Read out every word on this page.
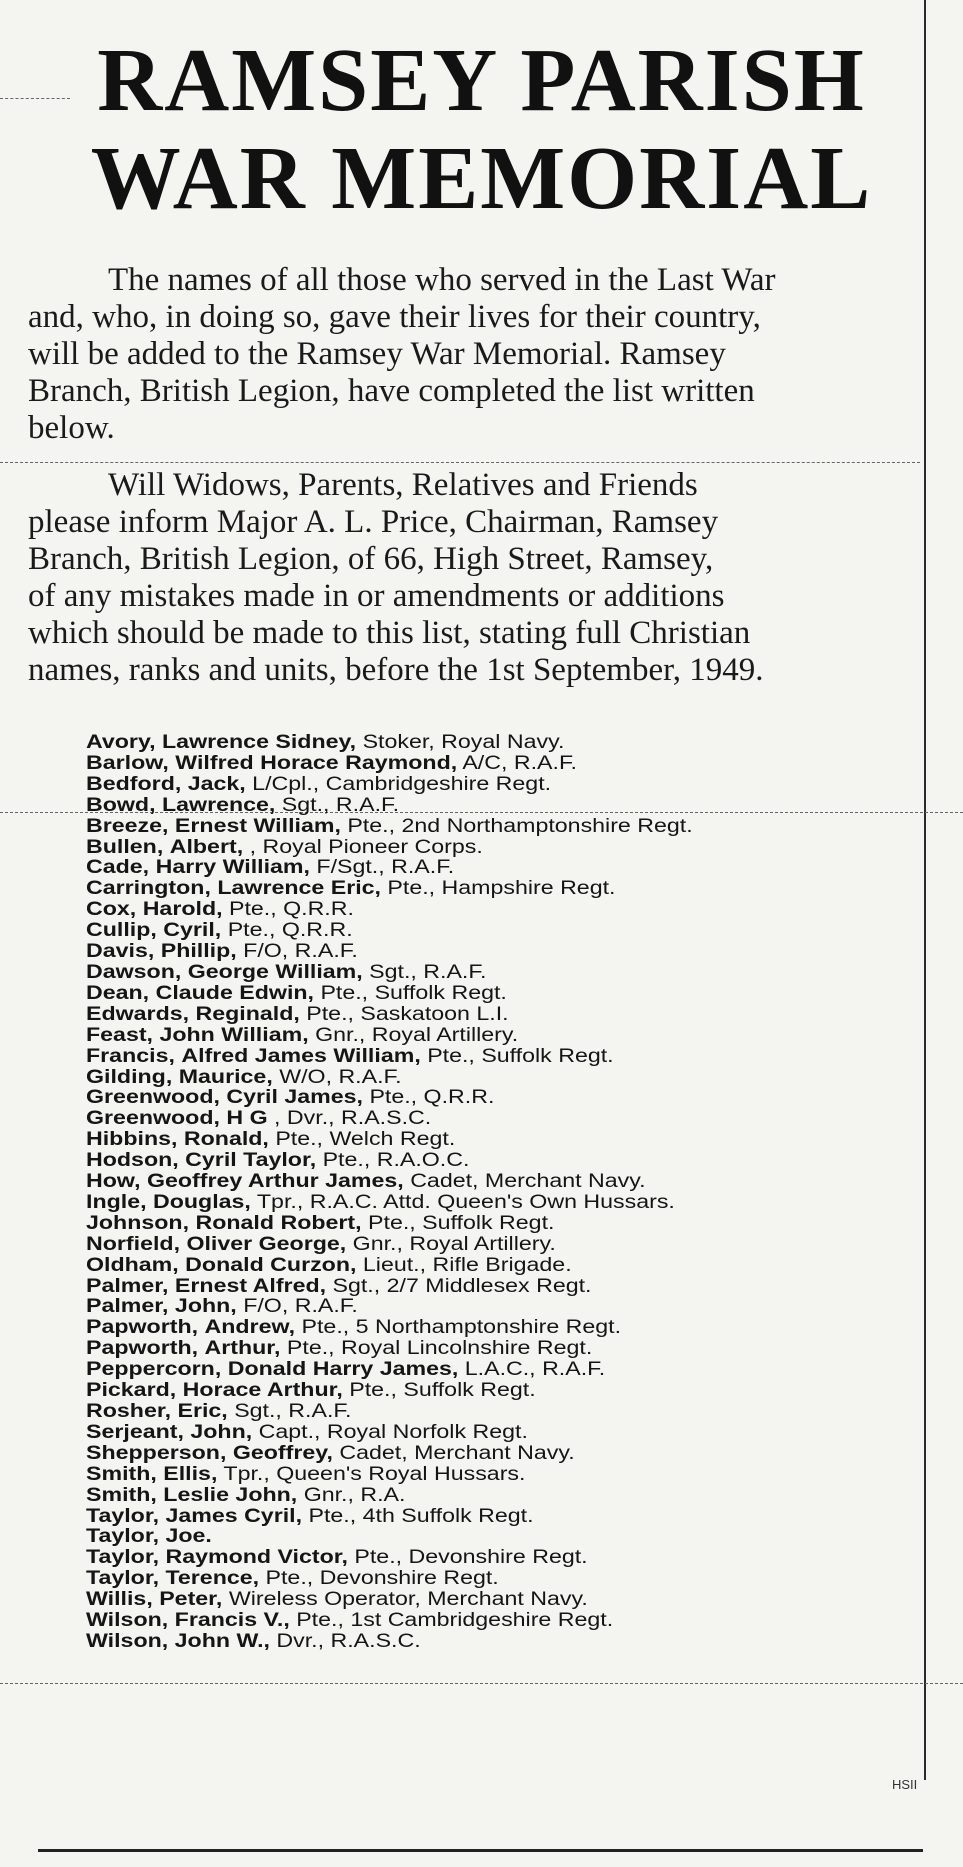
RAMSEY PARISH
WAR MEMORIAL
The names of all those who served in the Last War
and, who, in doing so, gave their lives for their country,
will be added to the Ramsey War Memorial. Ramsey
Branch, British Legion, have completed the list written
below.
Will Widows, Parents, Relatives and Friends
please inform Major A. L. Price, Chairman, Ramsey
Branch, British Legion, of 66, High Street, Ramsey,
of any mistakes made in or amendments or additions
which should be made to this list, stating full Christian
names, ranks and units, before the 1st September, 1949.
Avory, Lawrence Sidney, Stoker, Royal Navy.
Barlow, Wilfred Horace Raymond, A/C, R.A.F.
Bedford, Jack, L/Cpl., Cambridgeshire Regt.
Bowd, Lawrence, Sgt., R.A.F.
Breeze, Ernest William, Pte., 2nd Northamptonshire Regt.
Bullen, Albert, , Royal Pioneer Corps.
Cade, Harry William, F/Sgt., R.A.F.
Carrington, Lawrence Eric, Pte., Hampshire Regt.
Cox, Harold, Pte., Q.R.R.
Cullip, Cyril, Pte., Q.R.R.
Davis, Phillip, F/O, R.A.F.
Dawson, George William, Sgt., R.A.F.
Dean, Claude Edwin, Pte., Suffolk Regt.
Edwards, Reginald, Pte., Saskatoon L.I.
Feast, John William, Gnr., Royal Artillery.
Francis, Alfred James William, Pte., Suffolk Regt.
Gilding, Maurice, W/O, R.A.F.
Greenwood, Cyril James, Pte., Q.R.R.
Greenwood, H G , Dvr., R.A.S.C.
Hibbins, Ronald, Pte., Welch Regt.
Hodson, Cyril Taylor, Pte., R.A.O.C.
How, Geoffrey Arthur James, Cadet, Merchant Navy.
Ingle, Douglas, Tpr., R.A.C. Attd. Queen's Own Hussars.
Johnson, Ronald Robert, Pte., Suffolk Regt.
Norfield, Oliver George, Gnr., Royal Artillery.
Oldham, Donald Curzon, Lieut., Rifle Brigade.
Palmer, Ernest Alfred, Sgt., 2/7 Middlesex Regt.
Palmer, John, F/O, R.A.F.
Papworth, Andrew, Pte., 5 Northamptonshire Regt.
Papworth, Arthur, Pte., Royal Lincolnshire Regt.
Peppercorn, Donald Harry James, L.A.C., R.A.F.
Pickard, Horace Arthur, Pte., Suffolk Regt.
Rosher, Eric, Sgt., R.A.F.
Serjeant, John, Capt., Royal Norfolk Regt.
Shepperson, Geoffrey, Cadet, Merchant Navy.
Smith, Ellis, Tpr., Queen's Royal Hussars.
Smith, Leslie John, Gnr., R.A.
Taylor, James Cyril, Pte., 4th Suffolk Regt.
Taylor, Joe.
Taylor, Raymond Victor, Pte., Devonshire Regt.
Taylor, Terence, Pte., Devonshire Regt.
Willis, Peter, Wireless Operator, Merchant Navy.
Wilson, Francis V., Pte., 1st Cambridgeshire Regt.
Wilson, John W., Dvr., R.A.S.C.
HSII
